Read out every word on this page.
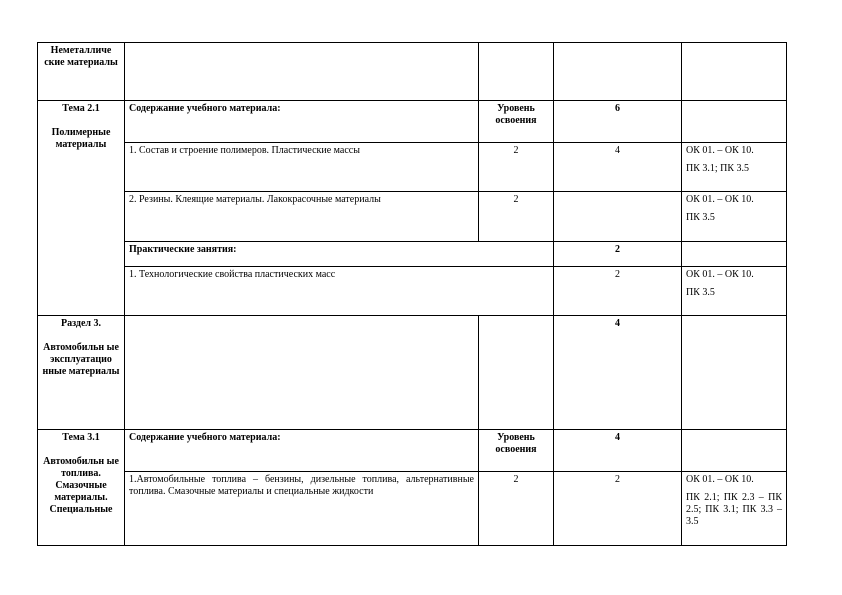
Неметалличе ские материалы				

Тема 2.1
Полимерные материалы	Содержание учебного материала:	Уровень освоения	6	
	1. Состав и строение полимеров. Пластические массы	2	4	ОК 01. – ОК 10.
ПК 3.1; ПК 3.5

	2. Резины. Клеящие материалы. Лакокрасочные материалы	2		ОК 01. – ОК 10.
ПК 3.5

	Практические занятия:		2	
	1. Технологические свойства пластических масс		2	ОК 01. – ОК 10.
ПК 3.5

Раздел 3.
Автомобильн ые эксплуатацио нные материалы			4	

Тема 3.1
Автомобильн ые топлива. Смазочные материалы. Специальные	Содержание учебного материала:	Уровень освоения	4	
	1.Автомобильные топлива – бензины, дизельные топлива, альтернативные топлива. Смазочные материалы и специальные жидкости	2	2	ОК 01. – ОК 10.
ПК 2.1; ПК 2.3 – ПК 2.5; ПК 3.1; ПК 3.3 – 3.5
